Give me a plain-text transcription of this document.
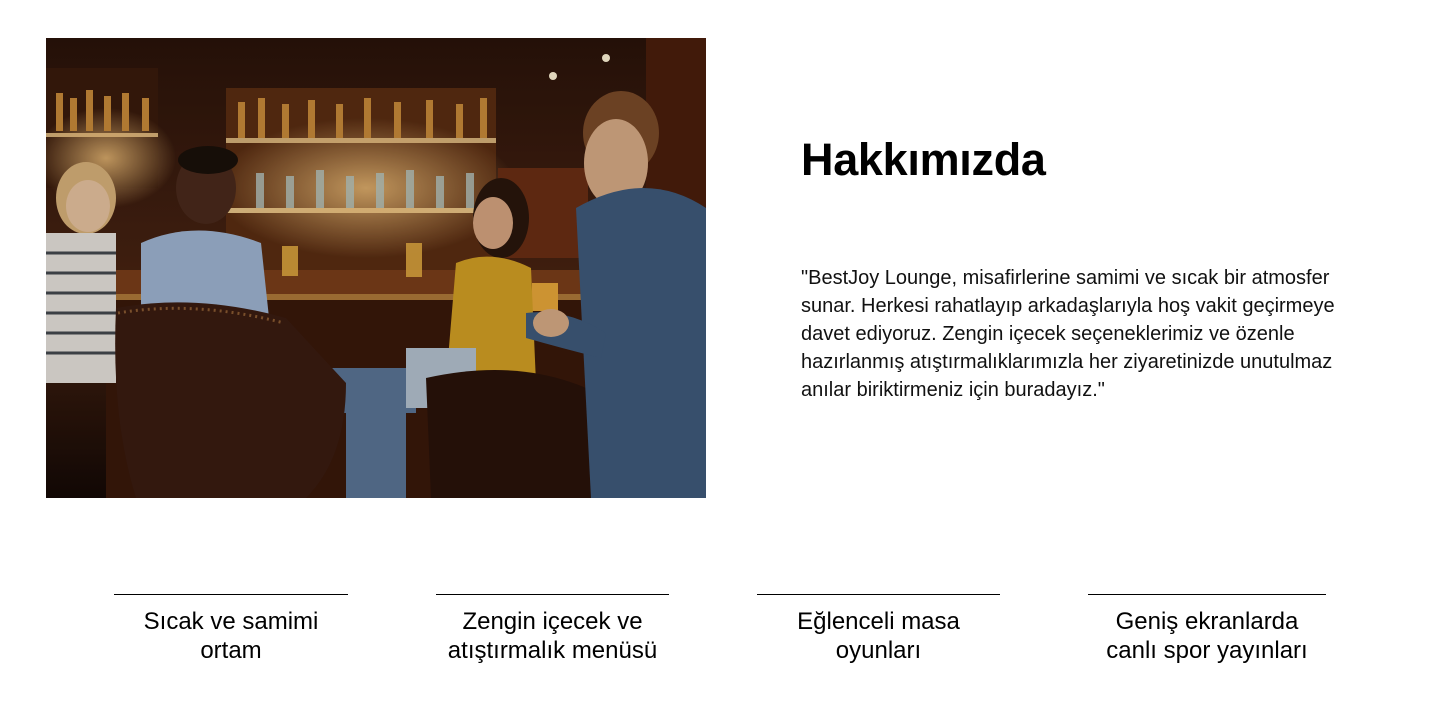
Hakkımızda

"BestJoy Lounge, misafirlerine samimi ve sıcak bir atmosfer sunar. Herkesi rahatlayıp arkadaşlarıyla hoş vakit geçirmeye davet ediyoruz. Zengin içecek seçeneklerimiz ve özenle hazırlanmış atıştırmalıklarımızla her ziyaretinizde unutulmaz anılar biriktirmeniz için buradayız."

Sıcak ve samimi ortam
Zengin içecek ve atıştırmalık menüsü
Eğlenceli masa oyunları
Geniş ekranlarda canlı spor yayınları
